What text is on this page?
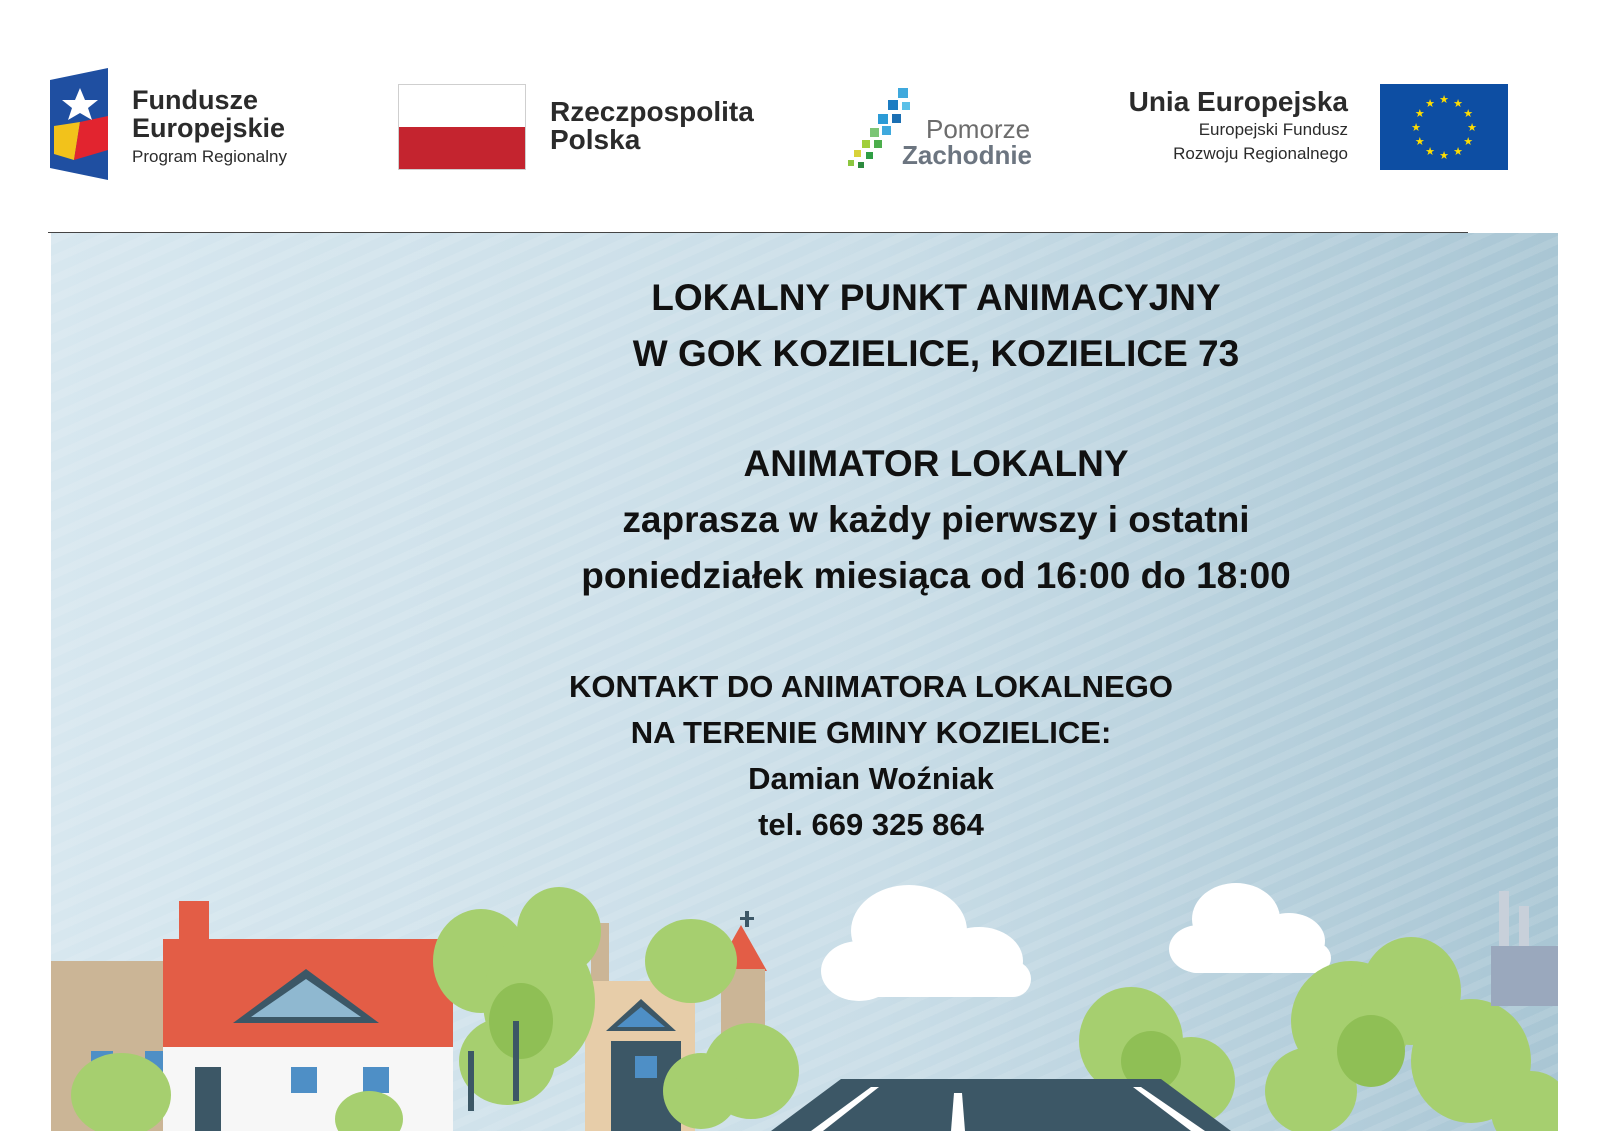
Fundusze
Europejskie
Program Regionalny
Rzeczpospolita
Polska	Pomorze
Zachodnie
Unia Europejska
Europejski Fundusz
Rozwoju Regionalnego
★ ★
★
★
★
★
★
★
★
★
★
★
LOKALNY PUNKT ANIMACYJNY
W GOK KOZIELICE, KOZIELICE 73
ANIMATOR LOKALNY
zaprasza w każdy pierwszy i ostatni
poniedziałek miesiąca od 16:00 do 18:00
KONTAKT DO ANIMATORA LOKALNEGO
NA TERENIE GMINY KOZIELICE:
Damian Woźniak
tel. 669 325 864
